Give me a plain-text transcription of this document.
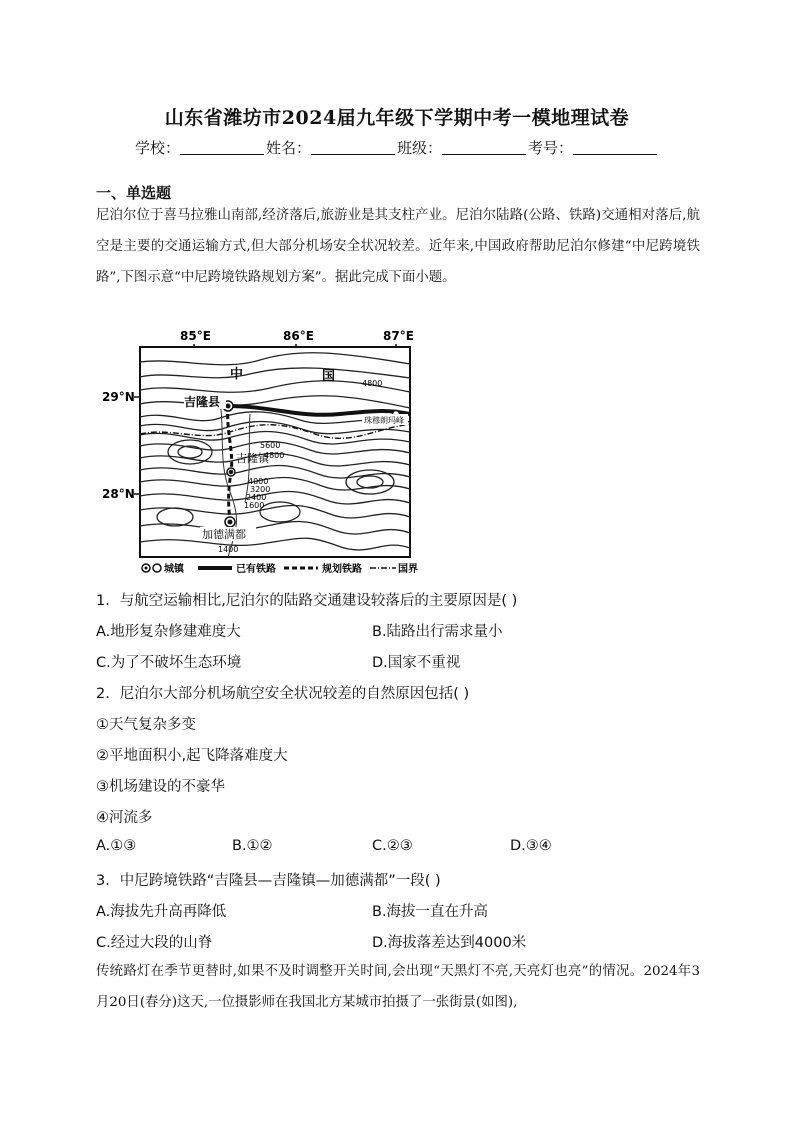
山东省潍坊市2024届九年级下学期中考一模地理试卷
学校：	姓名：	班级：	考号：
一、单选题
尼泊尔位于喜马拉雅山南部,经济落后,旅游业是其支柱产业。尼泊尔陆路(公路、铁路)交通相对落后,航空是主要的交通运输方式,但大部分机场安全状况较差。近年来,中国政府帮助尼泊尔修建“中尼跨境铁路”,下图示意“中尼跨境铁路规划方案”。据此完成下面小题。
85°E	86°E	87°E
29°N
28°N
中	国
吉隆县
吉隆镇
加德满都
珠穆朗玛峰
4800
5600
4800
4000
3200
2400
1600
1400
城镇	已有铁路	规划铁路	国界
1．与航空运输相比,尼泊尔的陆路交通建设较落后的主要原因是( )
A.地形复杂修建难度大	B.陆路出行需求量小
C.为了不破坏生态环境	D.国家不重视
2．尼泊尔大部分机场航空安全状况较差的自然原因包括( )
①天气复杂多变
②平地面积小,起飞降落难度大
③机场建设的不豪华
④河流多
A.①③	B.①②	C.②③	D.③④
3．中尼跨境铁路“吉隆县—吉隆镇—加德满都”一段( )
A.海拔先升高再降低	B.海拔一直在升高
C.经过大段的山脊	D.海拔落差达到4000米
传统路灯在季节更替时,如果不及时调整开关时间,会出现“天黑灯不亮,天亮灯也亮”的情况。2024年3月20日(春分)这天,一位摄影师在我国北方某城市拍摄了一张街景(如图),
